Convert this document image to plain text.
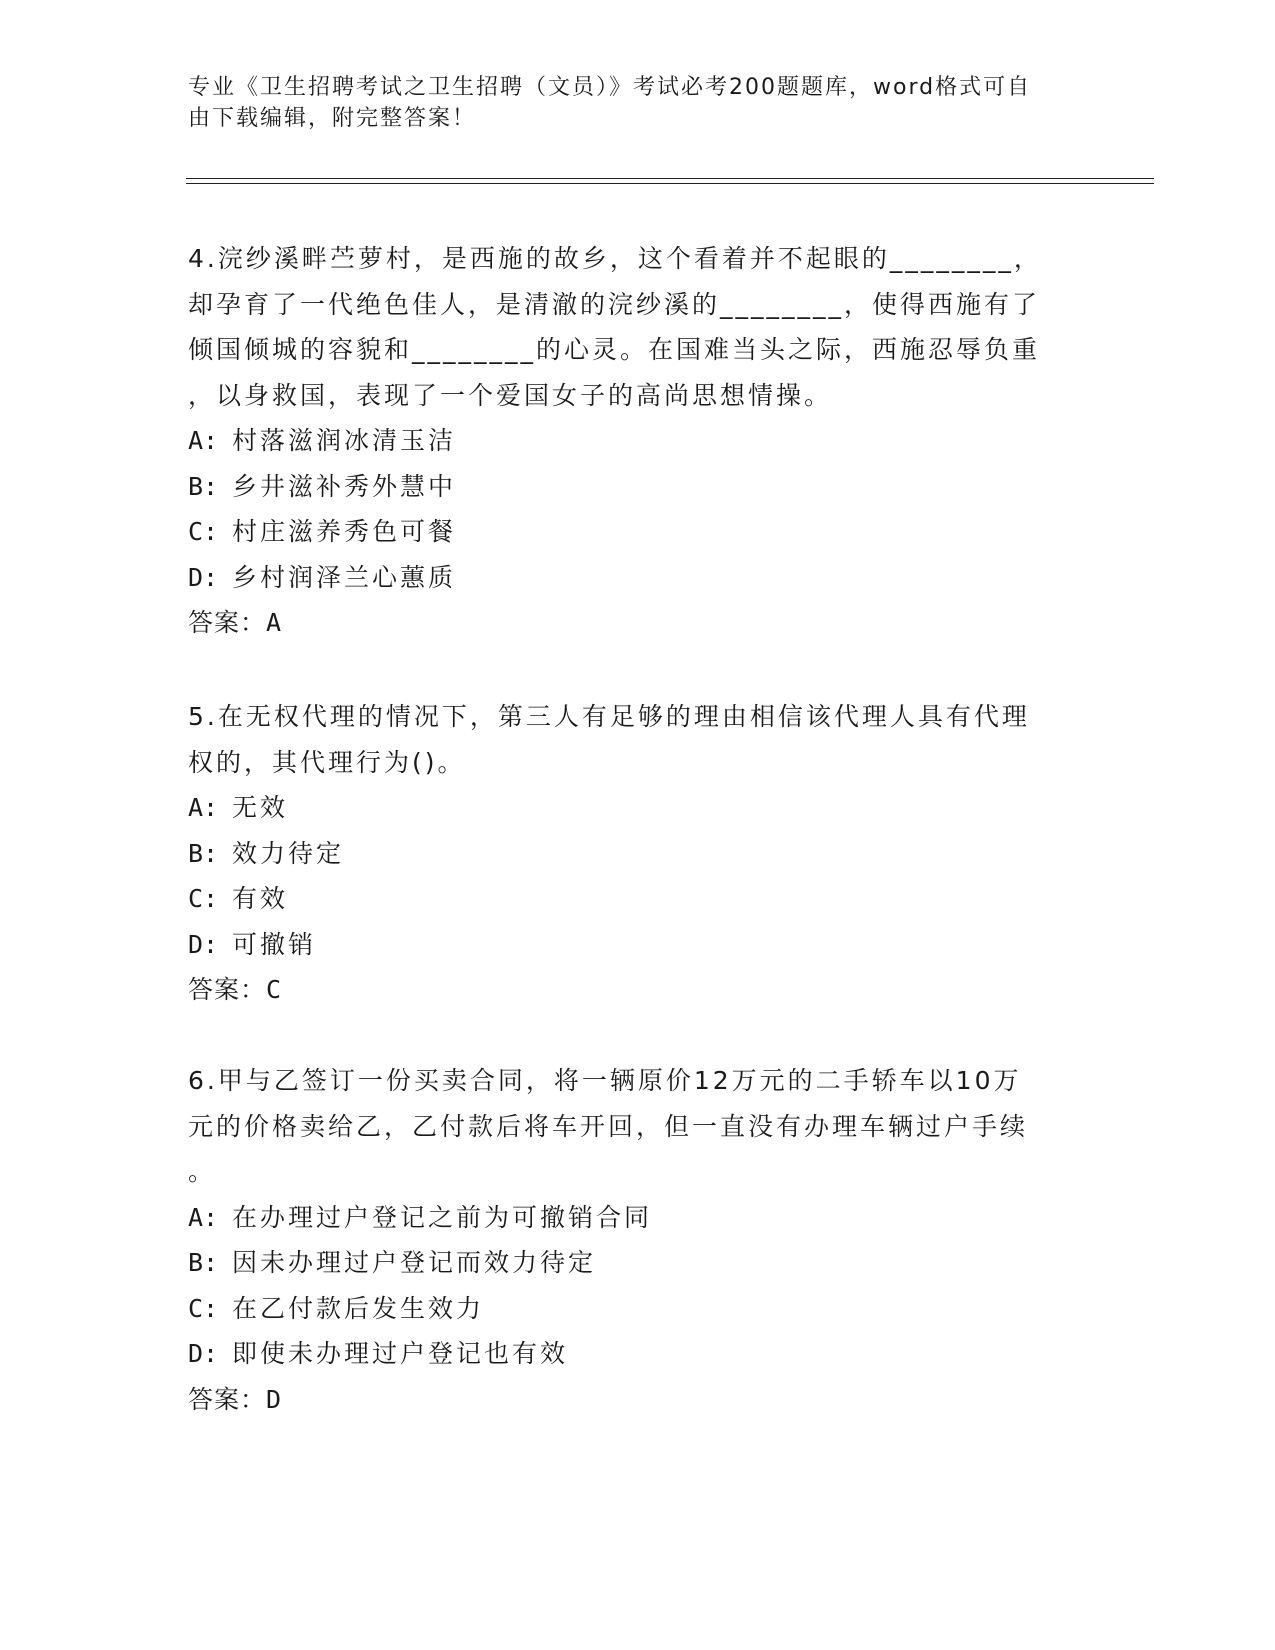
专业《卫生招聘考试之卫生招聘（文员）》考试必考200题题库，word格式可自
由下载编辑，附完整答案！
4.浣纱溪畔苎萝村，是西施的故乡，这个看着并不起眼的________，
却孕育了一代绝色佳人，是清澈的浣纱溪的________，使得西施有了
倾国倾城的容貌和________的心灵。在国难当头之际，西施忍辱负重
，以身救国，表现了一个爱国女子的高尚思想情操。
A: 村落滋润冰清玉洁
B: 乡井滋补秀外慧中
C: 村庄滋养秀色可餐
D: 乡村润泽兰心蕙质
答案：A
5.在无权代理的情况下，第三人有足够的理由相信该代理人具有代理
权的，其代理行为()。
A: 无效
B: 效力待定
C: 有效
D: 可撤销
答案：C
6.甲与乙签订一份买卖合同，将一辆原价12万元的二手轿车以10万
元的价格卖给乙，乙付款后将车开回，但一直没有办理车辆过户手续
。
A: 在办理过户登记之前为可撤销合同
B: 因未办理过户登记而效力待定
C: 在乙付款后发生效力
D: 即使未办理过户登记也有效
答案：D
